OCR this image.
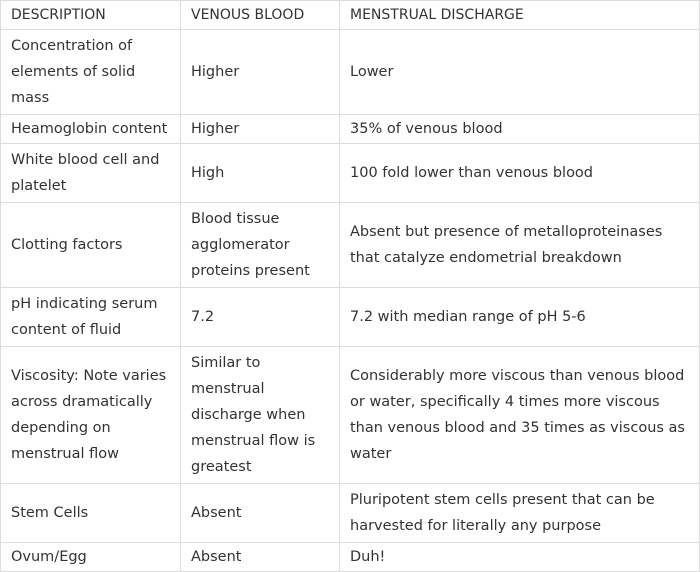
DESCRIPTION	VENOUS BLOOD	MENSTRUAL DISCHARGE
Concentration of elements of solid mass	Higher	Lower
Heamoglobin content	Higher	35% of venous blood
White blood cell and platelet	High	100 fold lower than venous blood
Clotting factors	Blood tissue agglomerator proteins present	Absent but presence of metalloproteinases that catalyze endometrial breakdown
pH indicating serum content of fluid	7.2	7.2 with median range of pH 5-6
Viscosity: Note varies across dramatically depending on menstrual flow	Similar to menstrual discharge when menstrual flow is greatest	Considerably more viscous than venous blood or water, specifically 4 times more viscous than venous blood and 35 times as viscous as water
Stem Cells	Absent	Pluripotent stem cells present that can be harvested for literally any purpose
Ovum/Egg	Absent	Duh!
